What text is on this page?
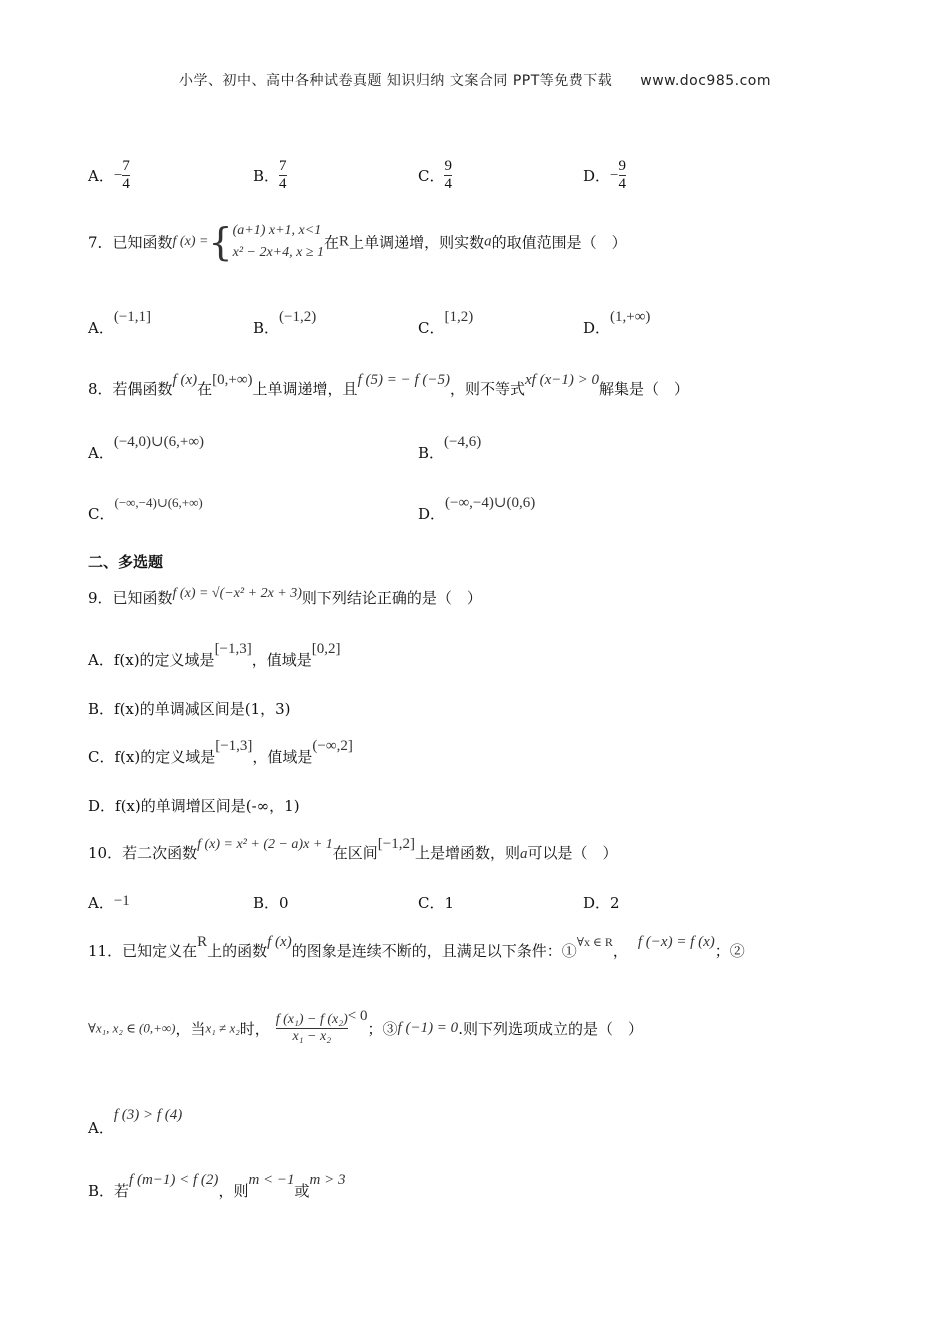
小学、初中、高中各种试卷真题 知识归纳 文案合同 PPT等免费下载 www.doc985.com
A．− $\frac{7}{4}$	B． $\frac{7}{4}$	C． $\frac{9}{4}$	D．− $\frac{9}{4}$
7．已知函数f (x) ={ (a+1) x+1, x<1
x² − 2x+4, x ≥ 1
在R上单调递增，则实数a的取值范围是（　）
A．(−1,1]
B．(−1,2)
C．[1,2)
D．(1,+∞)
8．若偶函数f (x)在[0,+∞)上单调递增，且f (5) = − f (−5)，则不等式xf (x−1) > 0解集是（　）
A．(−4,0)∪(6,+∞)
B．(−4,6)
C．(−∞,−4)∪(6,+∞)
D．(−∞,−4)∪(0,6)
二、多选题
9．已知函数f (x) = √(−x² + 2x + 3)则下列结论正确的是（　）
A．f(x)的定义域是[−1,3]，值域是[0,2]
B．f(x)的单调减区间是(1，3)
C．f(x)的定义域是[−1,3]，值域是(−∞,2]
D．f(x)的单调增区间是(-∞，1)
10．若二次函数f (x) = x² + (2 − a)x + 1在区间[−1,2]上是增函数，则a可以是（　）
A．−1	B．0	C．1	D．2
11．已知定义在R上的函数f (x)的图象是连续不断的，且满足以下条件：①∀x ∈ R， f (−x) = f (x)；②
∀x₁, x₂ ∈ (0,+∞)，当x₁ ≠ x₂时， $\frac{\text{f (x₁) − f (x₂)}}{\text{x₁ − x₂}} < 0$；③f (−1) = 0.则下列选项成立的是（　）
A．f (3) > f (4)
B．若f (m−1) < f (2)，则m < −1或m > 3
